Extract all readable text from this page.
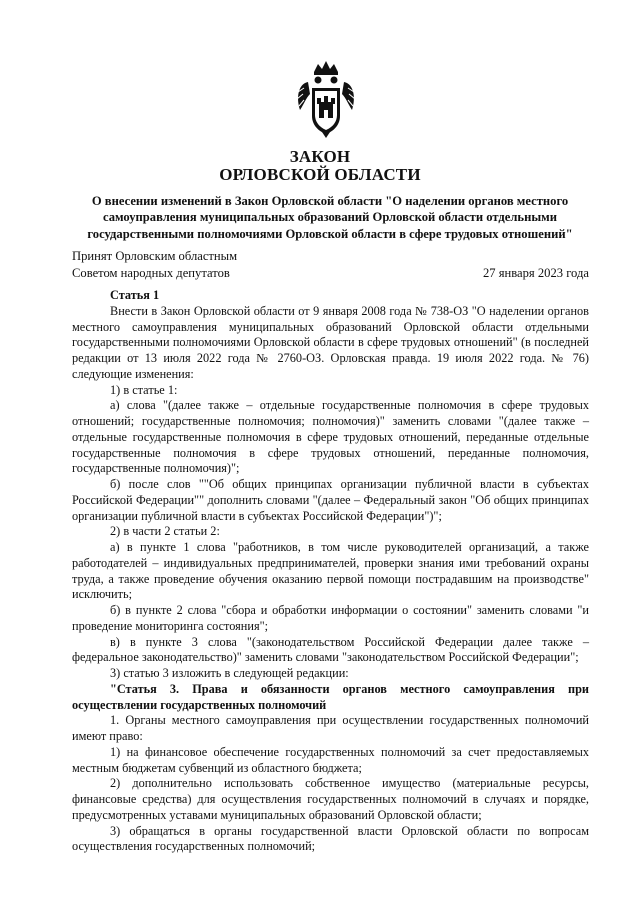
ЗАКОН
ОРЛОВСКОЙ ОБЛАСТИ
О внесении изменений в Закон Орловской области "О наделении органов местного самоуправления муниципальных образований Орловской области отдельными государственными полномочиями Орловской области в сфере трудовых отношений"
Принят Орловским областным
Советом народных депутатов	27 января 2023 года

Статья 1

Внести в Закон Орловской области от 9 января 2008 года № 738-ОЗ "О наделении органов местного самоуправления муниципальных образований Орловской области отдельными государственными полномочиями Орловской области в сфере трудовых отношений" (в последней редакции от 13 июля 2022 года № 2760-ОЗ. Орловская правда. 19 июля 2022 года. № 76) следующие изменения:

1) в статье 1:

а) слова "(далее также – отдельные государственные полномочия в сфере трудовых отношений; государственные полномочия; полномочия)" заменить словами "(далее также – отдельные государственные полномочия в сфере трудовых отношений, переданные отдельные государственные полномочия в сфере трудовых отношений, переданные полномочия, государственные полномочия)";

б) после слов ""Об общих принципах организации публичной власти в субъектах Российской Федерации"" дополнить словами "(далее – Федеральный закон "Об общих принципах организации публичной власти в субъектах Российской Федерации")";

2) в части 2 статьи 2:

а) в пункте 1 слова "работников, в том числе руководителей организаций, а также работодателей – индивидуальных предпринимателей, проверки знания ими требований охраны труда, а также проведение обучения оказанию первой помощи пострадавшим на производстве" исключить;

б) в пункте 2 слова "сбора и обработки информации о состоянии" заменить словами "и проведение мониторинга состояния";

в) в пункте 3 слова "(законодательством Российской Федерации далее также – федеральное законодательство)" заменить словами "законодательством Российской Федерации";

3) статью 3 изложить в следующей редакции:

"Статья 3. Права и обязанности органов местного самоуправления при осуществлении государственных полномочий

1. Органы местного самоуправления при осуществлении государственных полномочий имеют право:

1) на финансовое обеспечение государственных полномочий за счет предоставляемых местным бюджетам субвенций из областного бюджета;

2) дополнительно использовать собственное имущество (материальные ресурсы, финансовые средства) для осуществления государственных полномочий в случаях и порядке, предусмотренных уставами муниципальных образований Орловской области;

3) обращаться в органы государственной власти Орловской области по вопросам осуществления государственных полномочий;
